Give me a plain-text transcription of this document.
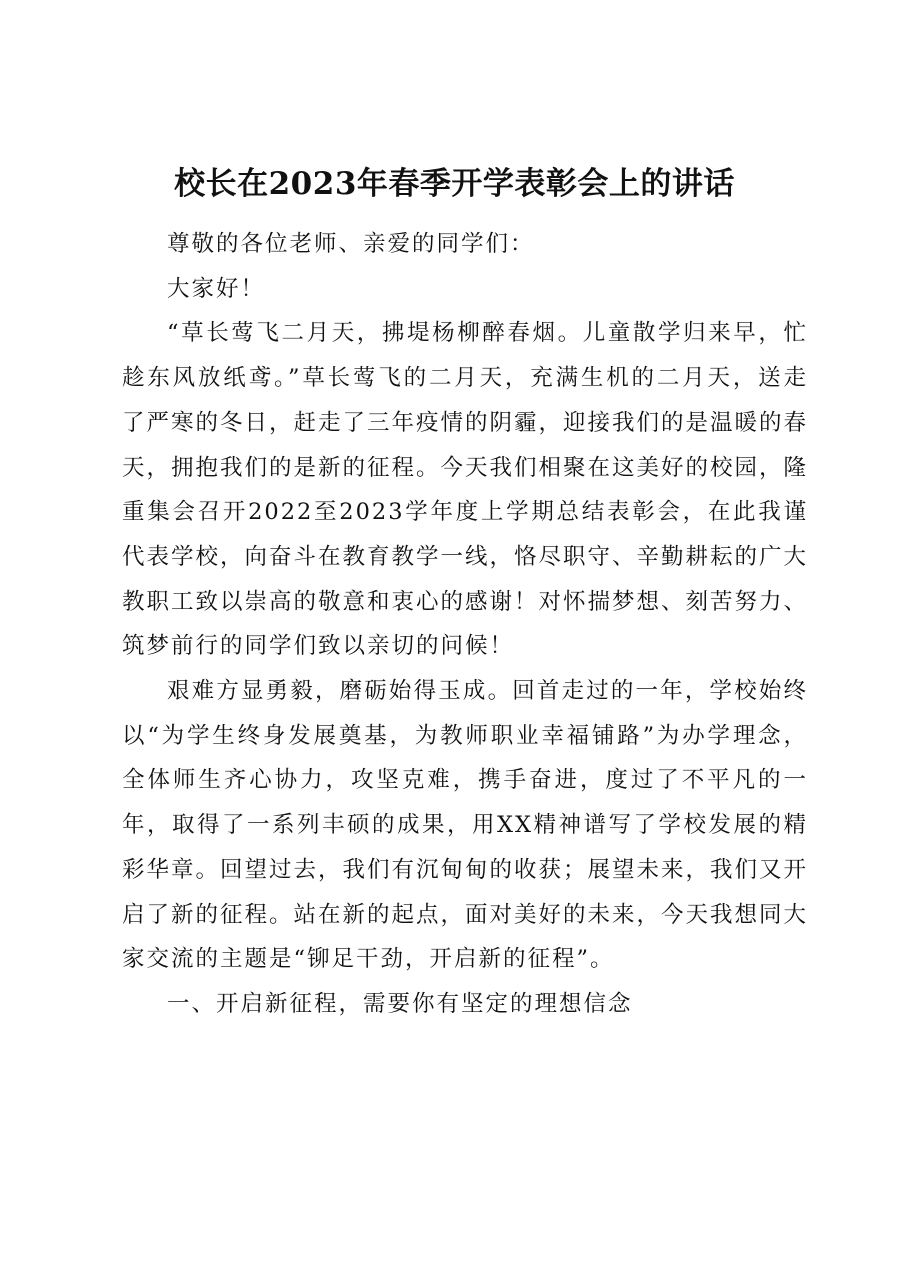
校长在2023年春季开学表彰会上的讲话

尊敬的各位老师、亲爱的同学们：

大家好！

“草长莺飞二月天，拂堤杨柳醉春烟。儿童散学归来早，忙趁东风放纸鸢。”草长莺飞的二月天，充满生机的二月天，送走了严寒的冬日，赶走了三年疫情的阴霾，迎接我们的是温暖的春天，拥抱我们的是新的征程。今天我们相聚在这美好的校园，隆重集会召开2022至2023学年度上学期总结表彰会，在此我谨代表学校，向奋斗在教育教学一线，恪尽职守、辛勤耕耘的广大教职工致以崇高的敬意和衷心的感谢！对怀揣梦想、刻苦努力、筑梦前行的同学们致以亲切的问候！

艰难方显勇毅，磨砺始得玉成。回首走过的一年，学校始终以“为学生终身发展奠基，为教师职业幸福铺路”为办学理念，全体师生齐心协力，攻坚克难，携手奋进，度过了不平凡的一年，取得了一系列丰硕的成果，用XX精神谱写了学校发展的精彩华章。回望过去，我们有沉甸甸的收获；展望未来，我们又开启了新的征程。站在新的起点，面对美好的未来，今天我想同大家交流的主题是“铆足干劲，开启新的征程”。

一、开启新征程，需要你有坚定的理想信念
